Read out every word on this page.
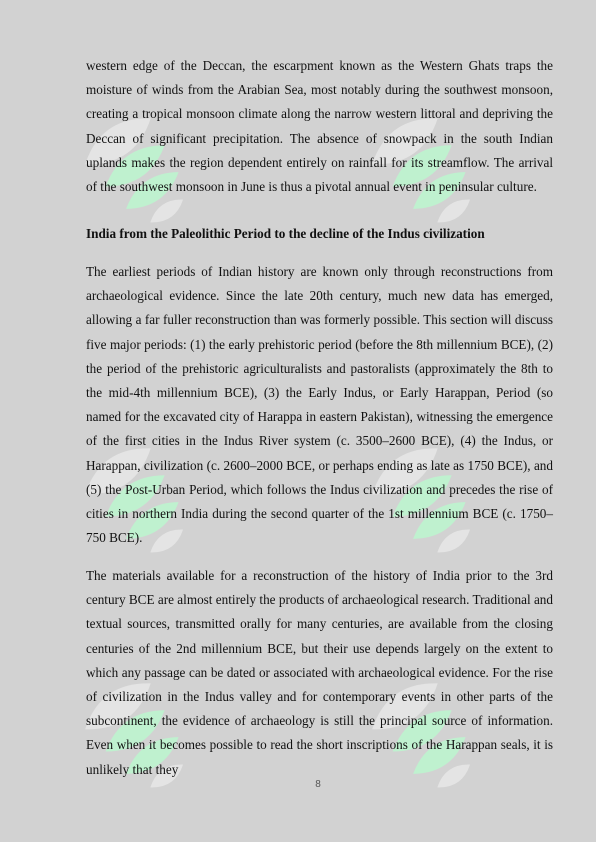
western edge of the Deccan, the escarpment known as the Western Ghats traps the moisture of winds from the Arabian Sea, most notably during the southwest monsoon, creating a tropical monsoon climate along the narrow western littoral and depriving the Deccan of significant precipitation. The absence of snowpack in the south Indian uplands makes the region dependent entirely on rainfall for its streamflow. The arrival of the southwest monsoon in June is thus a pivotal annual event in peninsular culture.

India from the Paleolithic Period to the decline of the Indus civilization

The earliest periods of Indian history are known only through reconstructions from archaeological evidence. Since the late 20th century, much new data has emerged, allowing a far fuller reconstruction than was formerly possible. This section will discuss five major periods: (1) the early prehistoric period (before the 8th millennium BCE), (2) the period of the prehistoric agriculturalists and pastoralists (approximately the 8th to the mid-4th millennium BCE), (3) the Early Indus, or Early Harappan, Period (so named for the excavated city of Harappa in eastern Pakistan), witnessing the emergence of the first cities in the Indus River system (c. 3500–2600 BCE), (4) the Indus, or Harappan, civilization (c. 2600–2000 BCE, or perhaps ending as late as 1750 BCE), and (5) the Post-Urban Period, which follows the Indus civilization and precedes the rise of cities in northern India during the second quarter of the 1st millennium BCE (c. 1750–750 BCE).

The materials available for a reconstruction of the history of India prior to the 3rd century BCE are almost entirely the products of archaeological research. Traditional and textual sources, transmitted orally for many centuries, are available from the closing centuries of the 2nd millennium BCE, but their use depends largely on the extent to which any passage can be dated or associated with archaeological evidence. For the rise of civilization in the Indus valley and for contemporary events in other parts of the subcontinent, the evidence of archaeology is still the principal source of information. Even when it becomes possible to read the short inscriptions of the Harappan seals, it is unlikely that they

8
